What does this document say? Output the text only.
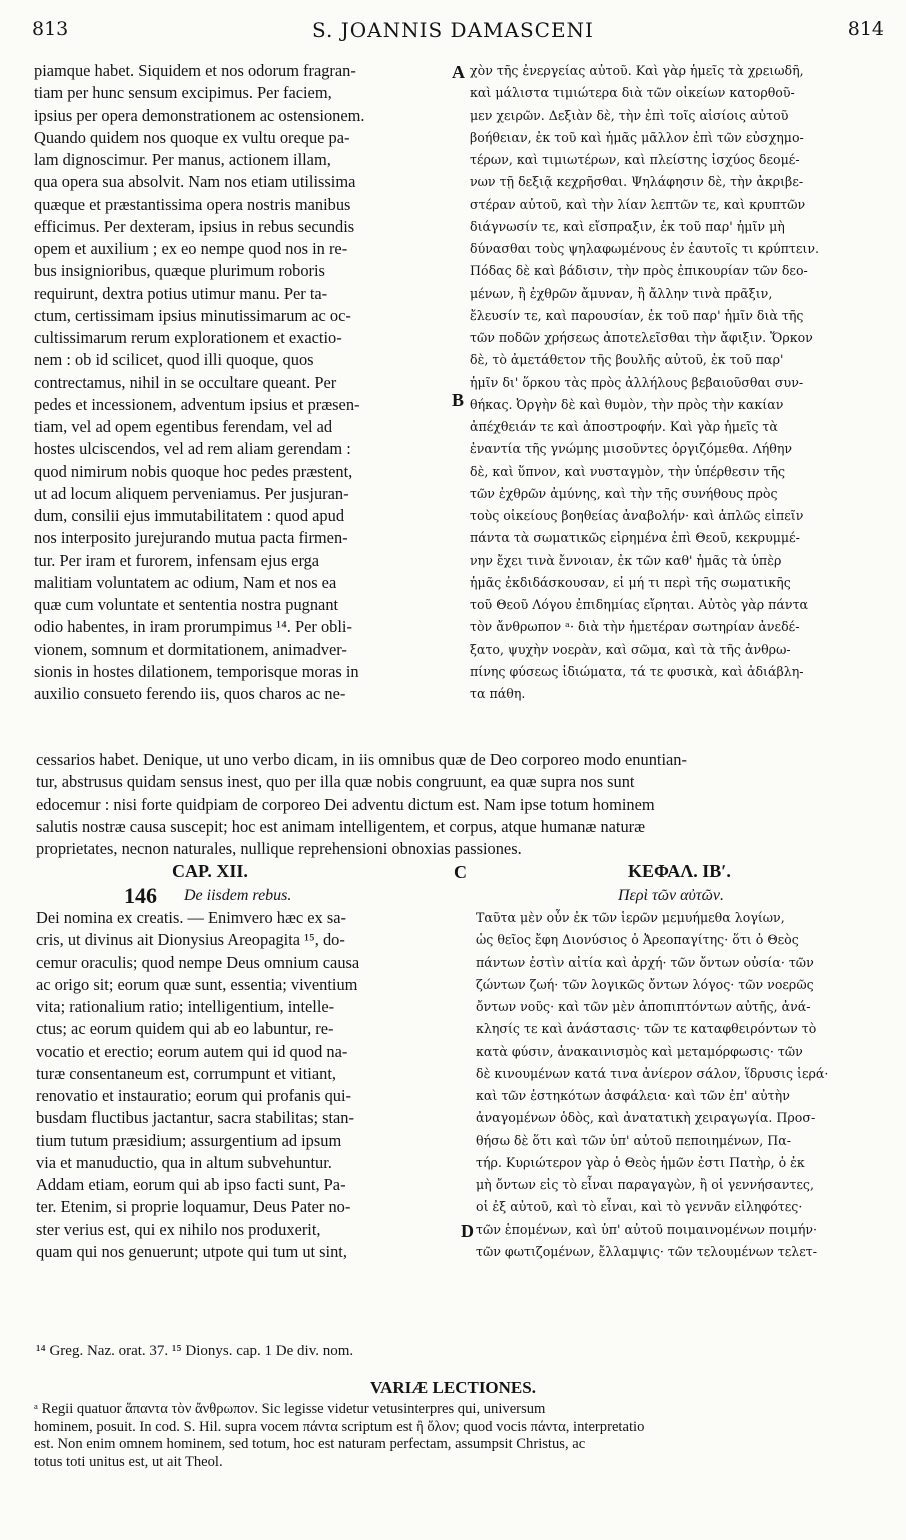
813	S. JOANNIS DAMASCENI	814
piamque habet. Siquidem et nos odorum fragran-
tiam per hunc sensum excipimus. Per faciem,
ipsius per opera demonstrationem ac ostensionem.
Quando quidem nos quoque ex vultu oreque pa-
lam dignoscimur. Per manus, actionem illam,
qua opera sua absolvit. Nam nos etiam utilissima
quæque et præstantissima opera nostris manibus
efficimus. Per dexteram, ipsius in rebus secundis
opem et auxilium ; ex eo nempe quod nos in re-
bus insignioribus, quæque plurimum roboris
requirunt, dextra potius utimur manu. Per ta-
ctum, certissimam ipsius minutissimarum ac oc-
cultissimarum rerum explorationem et exactio-
nem : ob id scilicet, quod illi quoque, quos
contrectamus, nihil in se occultare queant. Per
pedes et incessionem, adventum ipsius et præsen-
tiam, vel ad opem egentibus ferendam, vel ad
hostes ulciscendos, vel ad rem aliam gerendam :
quod nimirum nobis quoque hoc pedes præstent,
ut ad locum aliquem perveniamus. Per jusjuran-
dum, consilii ejus immutabilitatem : quod apud
nos interposito jurejurando mutua pacta firmen-
tur. Per iram et furorem, infensam ejus erga
malitiam voluntatem ac odium, Nam et nos ea
quæ cum voluntate et sententia nostra pugnant
odio habentes, in iram prorumpimus ¹⁴. Per obli-
vionem, somnum et dormitationem, animadver-
sionis in hostes dilationem, temporisque moras in
auxilio consueto ferendo iis, quos charos ac ne-
χὸν τῆς ἐνεργείας αὐτοῦ. Καὶ γὰρ ἡμεῖς τὰ χρειωδῆ,
καὶ μάλιστα τιμιώτερα διὰ τῶν οἰκείων κατορθοῦ-
μεν χειρῶν. Δεξιὰν δὲ, τὴν ἐπὶ τοῖς αἰσίοις αὐτοῦ
βοήθειαν, ἐκ τοῦ καὶ ἡμᾶς μᾶλλον ἐπὶ τῶν εὐσχημο-
τέρων, καὶ τιμιωτέρων, καὶ πλείστης ἰσχύος δεομέ-
νων τῇ δεξιᾷ κεχρῆσθαι. Ψηλάφησιν δὲ, τὴν ἀκριβε-
στέραν αὐτοῦ, καὶ τὴν λίαν λεπτῶν τε, καὶ κρυπτῶν
διάγνωσίν τε, καὶ εἴσπραξιν, ἐκ τοῦ παρ' ἡμῖν μὴ
δύνασθαι τοὺς ψηλαφωμένους ἐν ἑαυτοῖς τι κρύπτειν.
Πόδας δὲ καὶ βάδισιν, τὴν πρὸς ἐπικουρίαν τῶν δεο-
μένων, ἢ ἐχθρῶν ἄμυναν, ἢ ἄλλην τινὰ πρᾶξιν,
ἔλευσίν τε, καὶ παρουσίαν, ἐκ τοῦ παρ' ἡμῖν διὰ τῆς
τῶν ποδῶν χρήσεως ἀποτελεῖσθαι τὴν ἄφιξιν. Ὅρκον
δὲ, τὸ ἀμετάθετον τῆς βουλῆς αὐτοῦ, ἐκ τοῦ παρ'
ἡμῖν δι' ὅρκου τὰς πρὸς ἀλλήλους βεβαιοῦσθαι συν-
θήκας. Ὀργὴν δὲ καὶ θυμὸν, τὴν πρὸς τὴν κακίαν
ἀπέχθειάν τε καὶ ἀποστροφήν. Καὶ γὰρ ἡμεῖς τὰ
ἐναντία τῆς γνώμης μισοῦντες ὀργιζόμεθα. Λήθην
δὲ, καὶ ὕπνον, καὶ νυσταγμὸν, τὴν ὑπέρθεσιν τῆς
τῶν ἐχθρῶν ἀμύνης, καὶ τὴν τῆς συνήθους πρὸς
τοὺς οἰκείους βοηθείας ἀναβολήν· καὶ ἁπλῶς εἰπεῖν
πάντα τὰ σωματικῶς εἰρημένα ἐπὶ Θεοῦ, κεκρυμμέ-
νην ἔχει τινὰ ἔννοιαν, ἐκ τῶν καθ' ἡμᾶς τὰ ὑπὲρ
ἡμᾶς ἐκδιδάσκουσαν, εἰ μή τι περὶ τῆς σωματικῆς
τοῦ Θεοῦ Λόγου ἐπιδημίας εἴρηται. Αὐτὸς γὰρ πάντα
τὸν ἄνθρωπον ᵃ· διὰ τὴν ἡμετέραν σωτηρίαν ἀνεδέ-
ξατο, ψυχὴν νοερὰν, καὶ σῶμα, καὶ τὰ τῆς ἀνθρω-
πίνης φύσεως ἰδιώματα, τά τε φυσικὰ, καὶ ἀδιάβλη-
τα πάθη.
A
B
cessarios habet. Denique, ut uno verbo dicam, in iis omnibus quæ de Deo corporeo modo enuntian-
tur, abstrusus quidam sensus inest, quo per illa quæ nobis congruunt, ea quæ supra nos sunt
edocemur : nisi forte quidpiam de corporeo Dei adventu dictum est. Nam ipse totum hominem
salutis nostræ causa suscepit; hoc est animam intelligentem, et corpus, atque humanæ naturæ
proprietates, necnon naturales, nullique reprehensioni obnoxias passiones.
CAP. XII.	C	ΚΕΦΑΛ. ΙΒʹ.
146 De iisdem rebus.	Περὶ τῶν αὐτῶν.
Dei nomina ex creatis. — Enimvero hæc ex sa-
cris, ut divinus ait Dionysius Areopagita ¹⁵, do-
cemur oraculis; quod nempe Deus omnium causa
ac origo sit; eorum quæ sunt, essentia; viventium
vita; rationalium ratio; intelligentium, intelle-
ctus; ac eorum quidem qui ab eo labuntur, re-
vocatio et erectio; eorum autem qui id quod na-
turæ consentaneum est, corrumpunt et vitiant,
renovatio et instauratio; eorum qui profanis qui-
busdam fluctibus jactantur, sacra stabilitas; stan-
tium tutum præsidium; assurgentium ad ipsum
via et manuductio, qua in altum subvehuntur.
Addam etiam, eorum qui ab ipso facti sunt, Pa-
ter. Etenim, si proprie loquamur, Deus Pater no-
ster verius est, qui ex nihilo nos produxerit,
quam qui nos genuerunt; utpote qui tum ut sint,
Ταῦτα μὲν οὖν ἐκ τῶν ἱερῶν μεμυήμεθα λογίων,
ὡς θεῖος ἔφη Διονύσιος ὁ Ἀρεοπαγίτης· ὅτι ὁ Θεὸς
πάντων ἐστὶν αἰτία καὶ ἀρχή· τῶν ὄντων οὐσία· τῶν
ζώντων ζωή· τῶν λογικῶς ὄντων λόγος· τῶν νοερῶς
ὄντων νοῦς· καὶ τῶν μὲν ἀποπιπτόντων αὐτῆς, ἀνά-
κλησίς τε καὶ ἀνάστασις· τῶν τε καταφθειρόντων τὸ
κατὰ φύσιν, ἀνακαινισμὸς καὶ μεταμόρφωσις· τῶν
δὲ κινουμένων κατά τινα ἀνίερον σάλον, ἵδρυσις ἱερά·
καὶ τῶν ἑστηκότων ἀσφάλεια· καὶ τῶν ἐπ' αὐτὴν
ἀναγομένων ὁδὸς, καὶ ἀνατατικὴ χειραγωγία. Προσ-
θήσω δὲ ὅτι καὶ τῶν ὑπ' αὐτοῦ πεποιημένων, Πα-
τήρ. Κυριώτερον γὰρ ὁ Θεὸς ἡμῶν ἐστι Πατὴρ, ὁ ἐκ
μὴ ὄντων εἰς τὸ εἶναι παραγαγὼν, ἢ οἱ γεννήσαντες,
οἱ ἐξ αὐτοῦ, καὶ τὸ εἶναι, καὶ τὸ γεννᾶν εἰληφότες·
τῶν ἑπομένων, καὶ ὑπ' αὐτοῦ ποιμαινομένων ποιμήν·
τῶν φωτιζομένων, ἔλλαμψις· τῶν τελουμένων τελετ-
D
¹⁴ Greg. Naz. orat. 37. ¹⁵ Dionys. cap. 1 De div. nom.
VARIÆ LECTIONES.
ᵃ Regii quatuor ἅπαντα τὸν ἄνθρωπον. Sic legisse videtur vetusinterpres qui, universum
hominem, posuit. In cod. S. Hil. supra vocem πάντα scriptum est ἢ ὅλον; quod vocis πάντα, interpretatio
est. Non enim omnem hominem, sed totum, hoc est naturam perfectam, assumpsit Christus, ac
totus toti unitus est, ut ait Theol.
